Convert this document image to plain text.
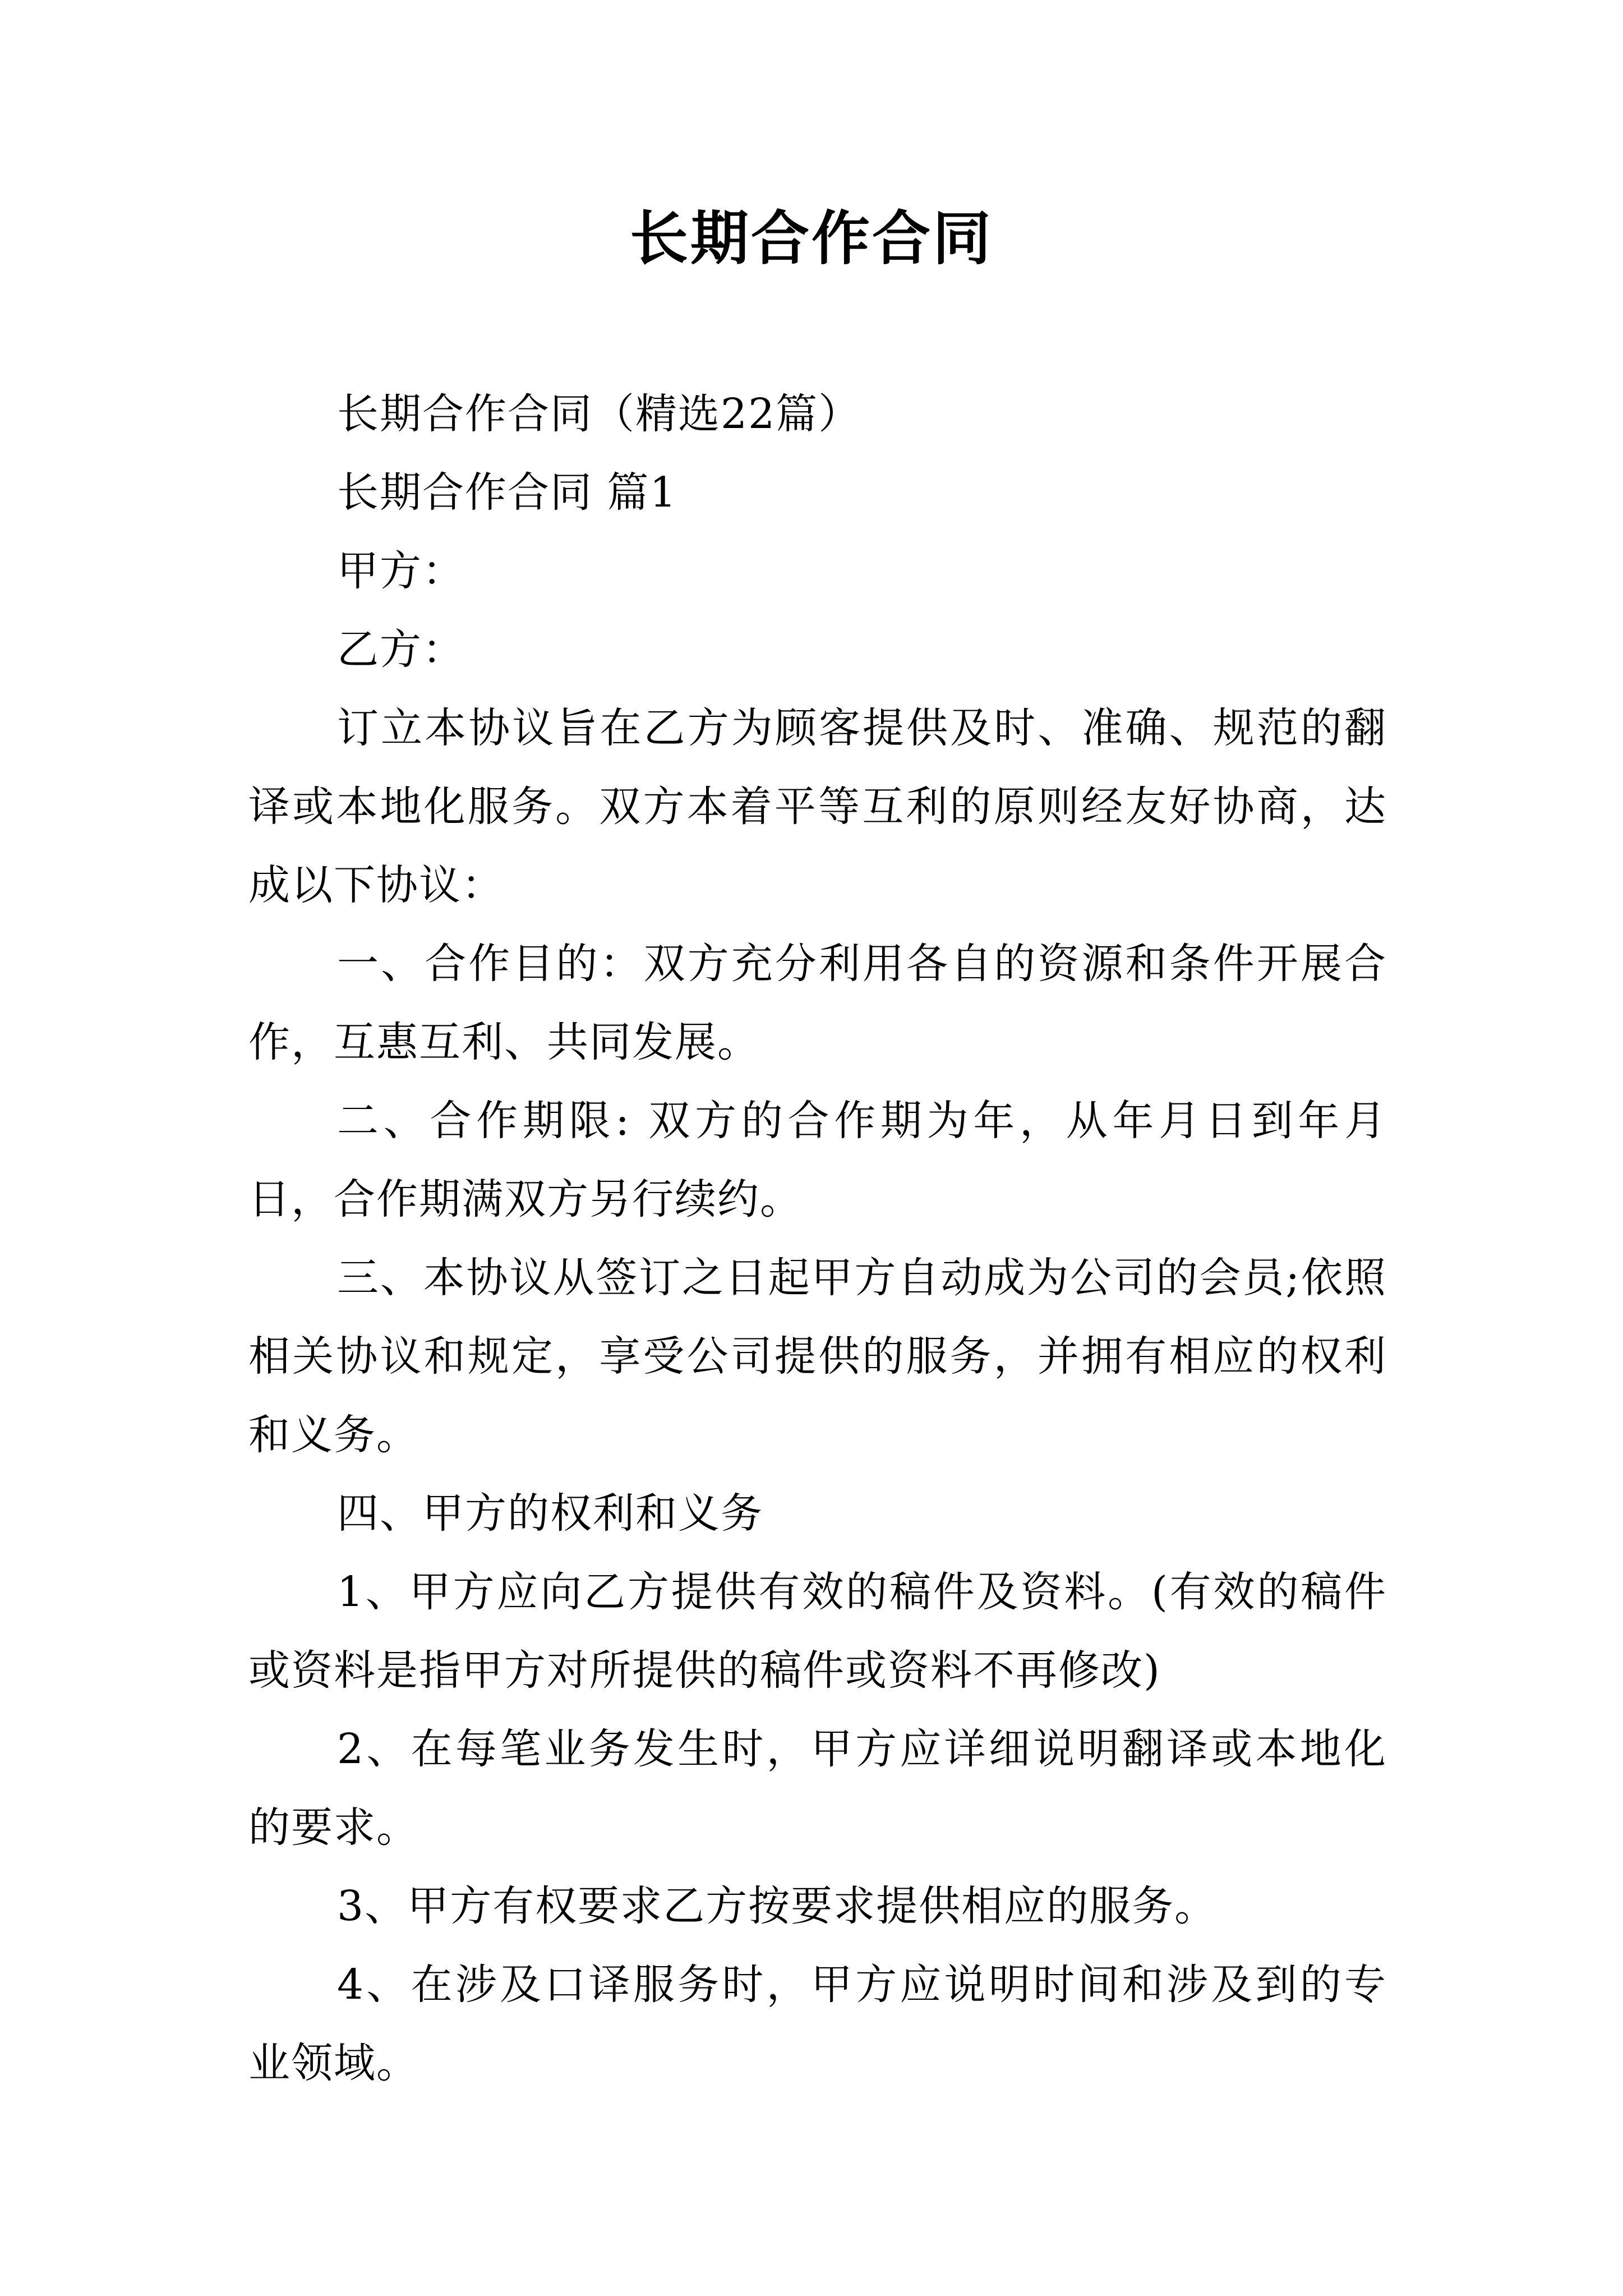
长期合作合同

长期合作合同（精选22篇）

长期合作合同 篇1

甲方：

乙方：

订立本协议旨在乙方为顾客提供及时、准确、规范的翻译或本地化服务。双方本着平等互利的原则经友好协商，达成以下协议：

一、合作目的：双方充分利用各自的资源和条件开展合作，互惠互利、共同发展。

二、合作期限: 双方的合作期为年，从年月日到年月日，合作期满双方另行续约。

三、本协议从签订之日起甲方自动成为公司的会员;依照相关协议和规定，享受公司提供的服务，并拥有相应的权利和义务。

四、甲方的权利和义务

1、甲方应向乙方提供有效的稿件及资料。(有效的稿件或资料是指甲方对所提供的稿件或资料不再修改)

2、在每笔业务发生时，甲方应详细说明翻译或本地化的要求。

3、甲方有权要求乙方按要求提供相应的服务。

4、在涉及口译服务时，甲方应说明时间和涉及到的专业领域。
